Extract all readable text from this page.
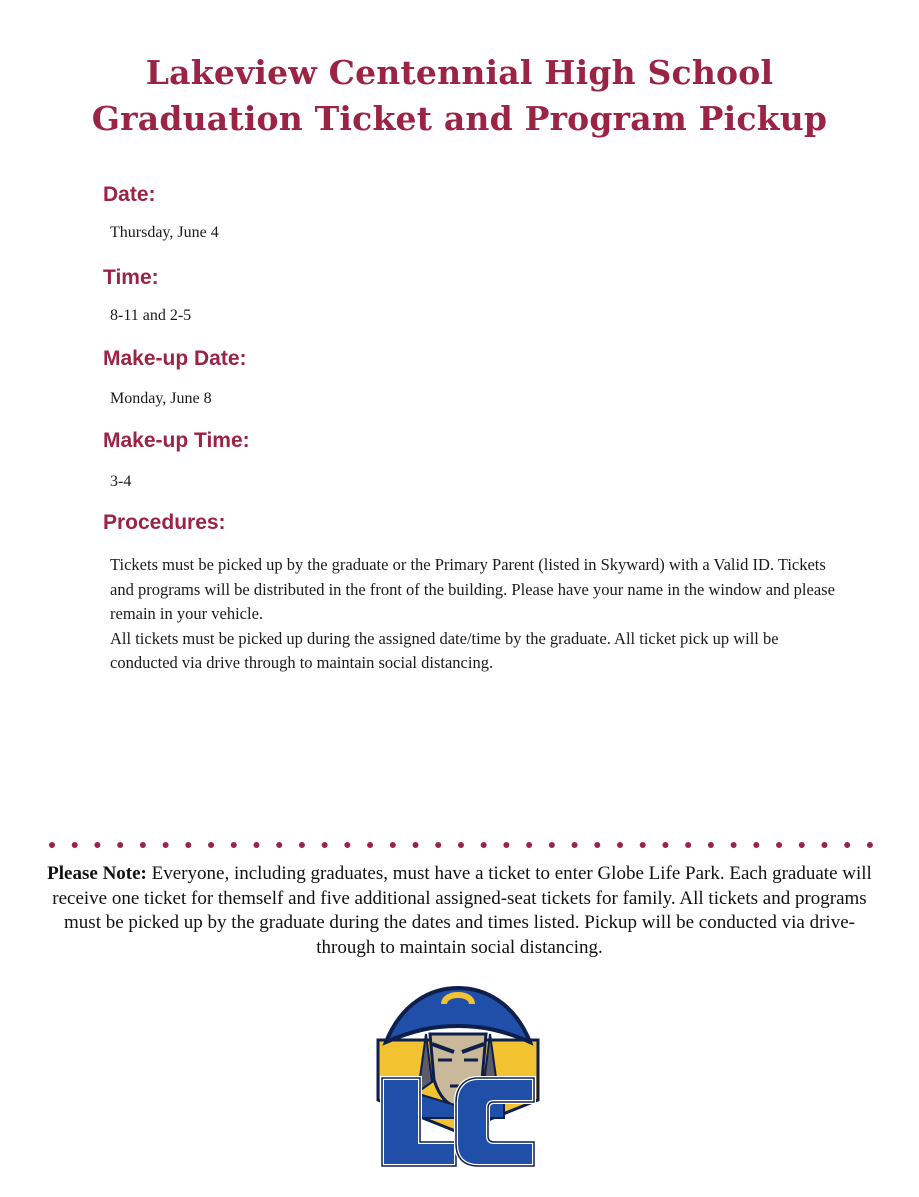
Lakeview Centennial High School
Graduation Ticket and Program Pickup
Date:
Thursday, June 4
Time:
8-11 and 2-5
Make-up Date:
Monday, June 8
Make-up Time:
3-4
Procedures:

Tickets must be picked up by the graduate or the Primary Parent (listed in Skyward) with a Valid ID. Tickets and programs will be distributed in the front of the building. Please have your name in the window and please remain in your vehicle.

All tickets must be picked up during the assigned date/time by the graduate. All ticket pick up will be conducted via drive through to maintain social distancing.

Please Note: Everyone, including graduates, must have a ticket to enter Globe Life Park. Each graduate will receive one ticket for themself and five additional assigned-seat tickets for family. All tickets and programs must be picked up by the graduate during the dates and times listed. Pickup will be conducted via drive-through to maintain social distancing.
